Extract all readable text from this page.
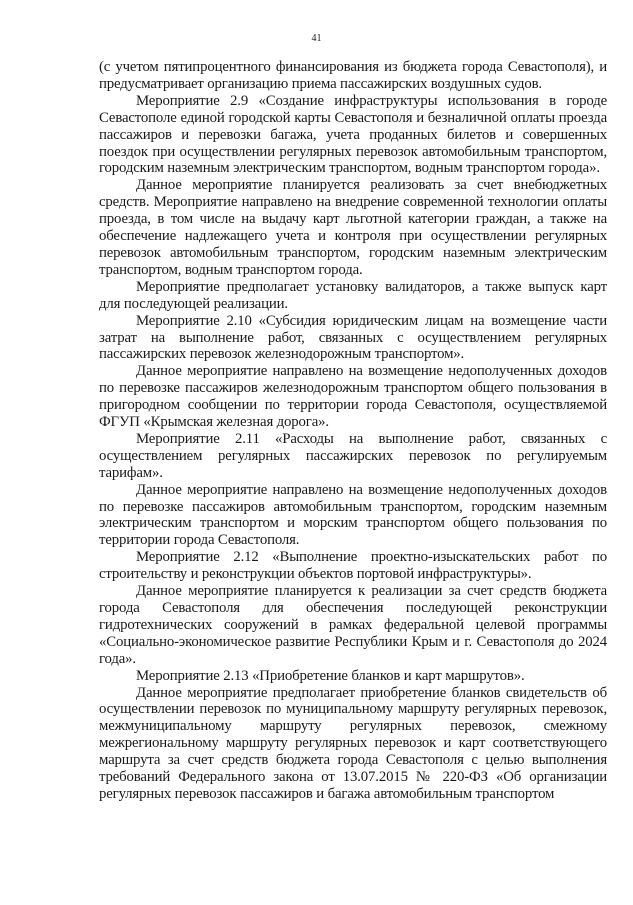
41

(с учетом пятипроцентного финансирования из бюджета города Севастополя), и предусматривает организацию приема пассажирских воздушных судов.

Мероприятие 2.9 «Создание инфраструктуры использования в городе Севастополе единой городской карты Севастополя и безналичной оплаты проезда пассажиров и перевозки багажа, учета проданных билетов и совершенных поездок при осуществлении регулярных перевозок автомобильным транспортом, городским наземным электрическим транспортом, водным транспортом города».

Данное мероприятие планируется реализовать за счет внебюджетных средств. Мероприятие направлено на внедрение современной технологии оплаты проезда, в том числе на выдачу карт льготной категории граждан, а также на обеспечение надлежащего учета и контроля при осуществлении регулярных перевозок автомобильным транспортом, городским наземным электрическим транспортом, водным транспортом города.

Мероприятие предполагает установку валидаторов, а также выпуск карт для последующей реализации.

Мероприятие 2.10 «Субсидия юридическим лицам на возмещение части затрат на выполнение работ, связанных с осуществлением регулярных пассажирских перевозок железнодорожным транспортом».

Данное мероприятие направлено на возмещение недополученных доходов по перевозке пассажиров железнодорожным транспортом общего пользования в пригородном сообщении по территории города Севастополя, осуществляемой ФГУП «Крымская железная дорога».

Мероприятие 2.11 «Расходы на выполнение работ, связанных с осуществлением регулярных пассажирских перевозок по регулируемым тарифам».

Данное мероприятие направлено на возмещение недополученных доходов по перевозке пассажиров автомобильным транспортом, городским наземным электрическим транспортом и морским транспортом общего пользования по территории города Севастополя.

Мероприятие 2.12 «Выполнение проектно-изыскательских работ по строительству и реконструкции объектов портовой инфраструктуры».

Данное мероприятие планируется к реализации за счет средств бюджета города Севастополя для обеспечения последующей реконструкции гидротехнических сооружений в рамках федеральной целевой программы «Социально-экономическое развитие Республики Крым и г. Севастополя до 2024 года».

Мероприятие 2.13 «Приобретение бланков и карт маршрутов».

Данное мероприятие предполагает приобретение бланков свидетельств об осуществлении перевозок по муниципальному маршруту регулярных перевозок, межмуниципальному маршруту регулярных перевозок, смежному межрегиональному маршруту регулярных перевозок и карт соответствующего маршрута за счет средств бюджета города Севастополя с целью выполнения требований Федерального закона от 13.07.2015 № 220-ФЗ «Об организации регулярных перевозок пассажиров и багажа автомобильным транспортом
